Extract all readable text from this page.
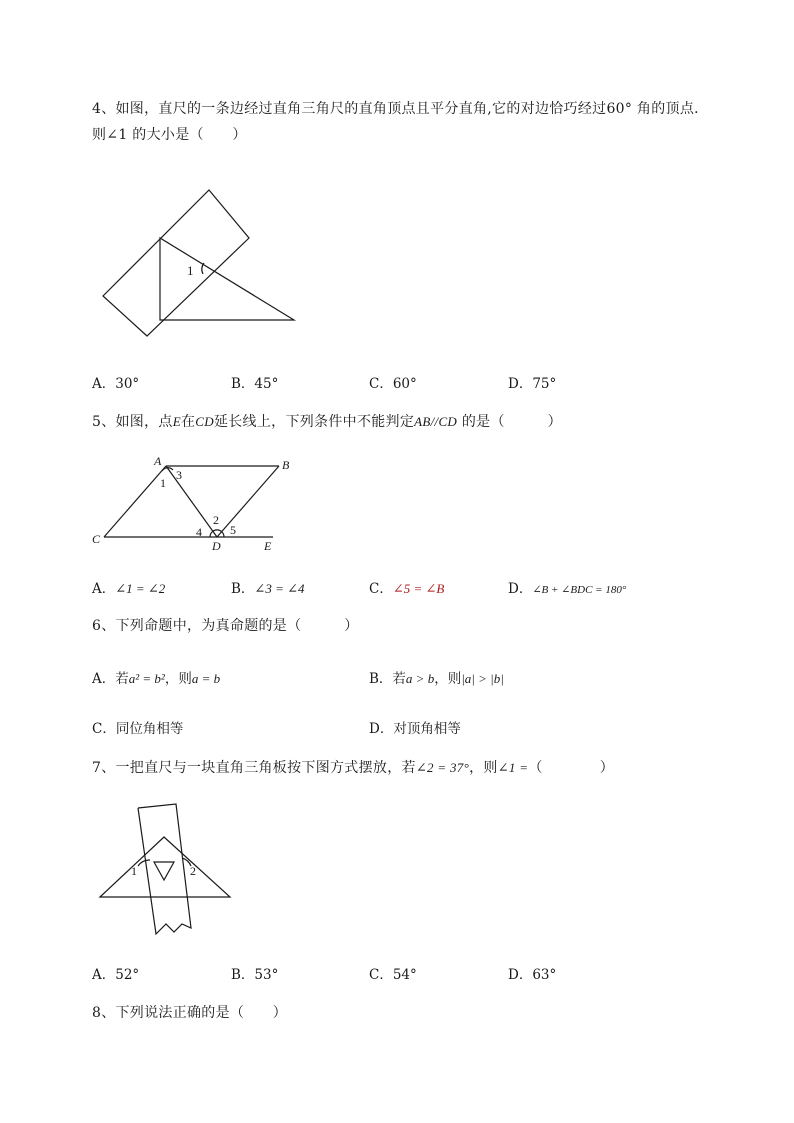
4、如图，直尺的一条边经过直角三角尺的直角顶点且平分直角,它的对边恰巧经过60° 角的顶点．则∠1 的大小是（　　）
1
A．30°	B．45°	C．60°	D．75°
5、如图，点E在CD延长线上，下列条件中不能判定AB//CD 的是（　　　）
A	B
C	D	E
1
2
3
4 5
A．∠1 = ∠2	B．∠3 = ∠4	C．∠5 = ∠B	D．∠B + ∠BDC = 180°
6、下列命题中，为真命题的是（　　　）
A．若a² = b²，则a = b	B．若a > b，则|a| > |b|
C．同位角相等	D．对顶角相等
7、一把直尺与一块直角三角板按下图方式摆放，若∠2 = 37°，则∠1 =（　　　　）
1	2
A．52°	B．53°	C．54°	D．63°
8、下列说法正确的是（　　）
